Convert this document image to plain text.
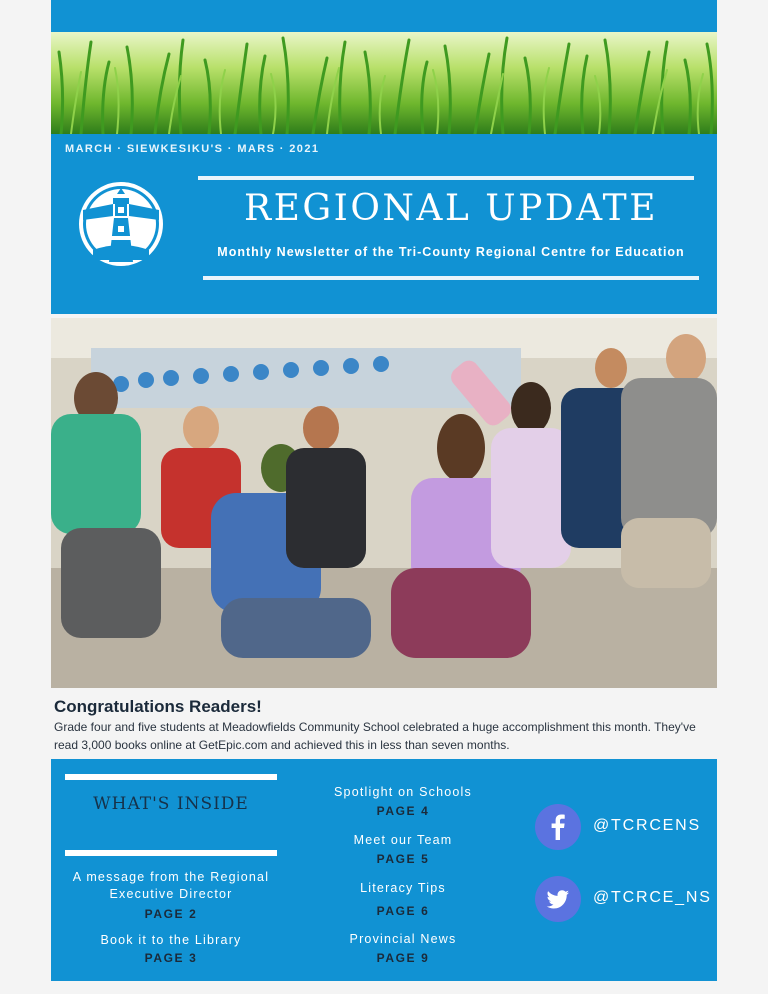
MARCH · SIEWKESIKU'S · MARS · 2021
REGIONAL UPDATE
Monthly Newsletter of the Tri-County Regional Centre for Education
Congratulations Readers!
Grade four and five students at Meadowfields Community School celebrated a huge accomplishment this month. They've read 3,000 books online at GetEpic.com and achieved this in less than seven months.
WHAT'S INSIDE
A message from the Regional Executive Director
PAGE 2
Book it to the Library
PAGE 3
Spotlight on Schools
PAGE 4
Meet our Team
PAGE 5
Literacy Tips
PAGE 6
Provincial News
PAGE 9
@TCRCENS
@TCRCE_NS
